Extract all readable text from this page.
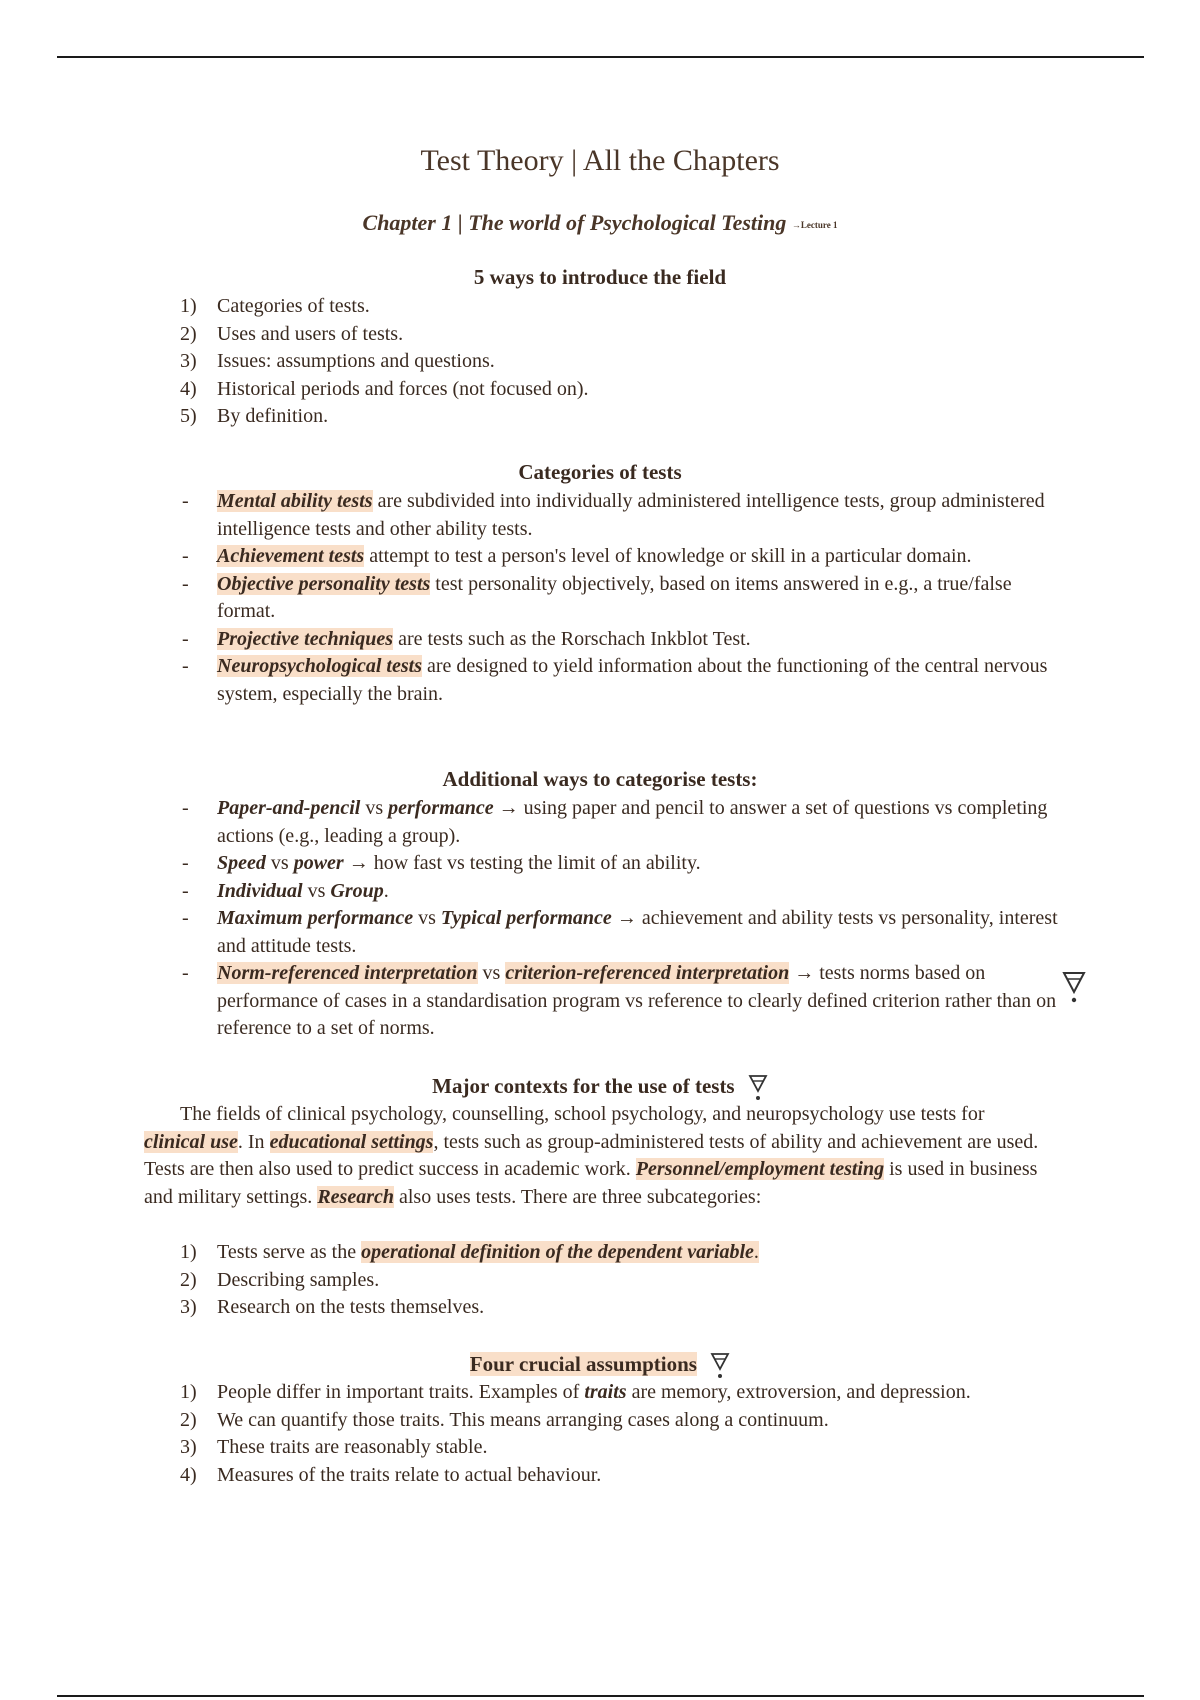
Test Theory | All the Chapters
Chapter 1 | The world of Psychological Testing →Lecture 1
5 ways to introduce the field
1) Categories of tests.
2) Uses and users of tests.
3) Issues: assumptions and questions.
4) Historical periods and forces (not focused on).
5) By definition.
Categories of tests
- Mental ability tests are subdivided into individually administered intelligence tests, group administered intelligence tests and other ability tests.
- Achievement tests attempt to test a person's level of knowledge or skill in a particular domain.
- Objective personality tests test personality objectively, based on items answered in e.g., a true/false format.
- Projective techniques are tests such as the Rorschach Inkblot Test.
- Neuropsychological tests are designed to yield information about the functioning of the central nervous system, especially the brain.
Additional ways to categorise tests:
- Paper-and-pencil vs performance → using paper and pencil to answer a set of questions vs completing actions (e.g., leading a group).
- Speed vs power → how fast vs testing the limit of an ability.
- Individual vs Group.
- Maximum performance vs Typical performance → achievement and ability tests vs personality, interest and attitude tests.
- Norm-referenced interpretation vs criterion-referenced interpretation → tests norms based on performance of cases in a standardisation program vs reference to clearly defined criterion rather than on reference to a set of norms.
Major contexts for the use of tests
The fields of clinical psychology, counselling, school psychology, and neuropsychology use tests for clinical use. In educational settings, tests such as group-administered tests of ability and achievement are used. Tests are then also used to predict success in academic work. Personnel/employment testing is used in business and military settings. Research also uses tests. There are three subcategories:
1) Tests serve as the operational definition of the dependent variable.
2) Describing samples.
3) Research on the tests themselves.
Four crucial assumptions
1) People differ in important traits. Examples of traits are memory, extroversion, and depression.
2) We can quantify those traits. This means arranging cases along a continuum.
3) These traits are reasonably stable.
4) Measures of the traits relate to actual behaviour.
